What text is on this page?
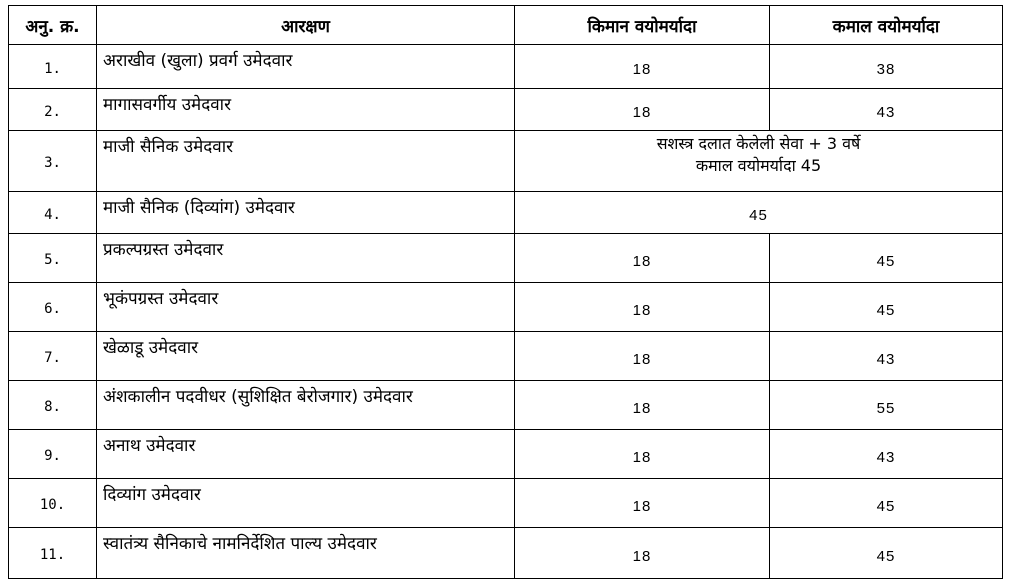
अनु. क्र.	आरक्षण	किमान वयोमर्यादा	कमाल वयोमर्यादा
1.	अराखीव (खुला) प्रवर्ग उमेदवार	18	38
2.	मागासवर्गीय उमेदवार	18	43
3.	माजी सैनिक उमेदवार	सशस्त्र दलात केलेली सेवा + 3 वर्षे
कमाल वयोमर्यादा 45	

4.	माजी सैनिक (दिव्यांग) उमेदवार	45	
5.	प्रकल्पग्रस्त उमेदवार	18	45
6.	भूकंपग्रस्त उमेदवार	18	45
7.	खेळाडू उमेदवार	18	43
8.	अंशकालीन पदवीधर (सुशिक्षित बेरोजगार) उमेदवार	18	55
9.	अनाथ उमेदवार	18	43
10.	दिव्यांग उमेदवार	18	45
11.	स्वातंत्र्य सैनिकाचे नामनिर्देशित पाल्य उमेदवार	18	45
